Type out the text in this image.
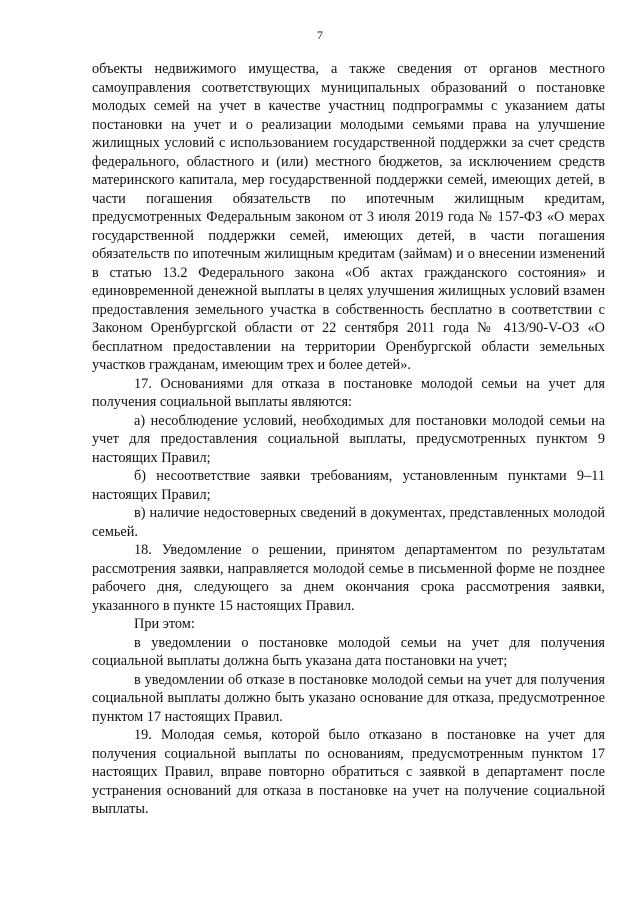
7

объекты недвижимого имущества, а также сведения от органов местного самоуправления соответствующих муниципальных образований о постановке молодых семей на учет в качестве участниц подпрограммы с указанием даты постановки на учет и о реализации молодыми семьями права на улучшение жилищных условий с использованием государственной поддержки за счет средств федерального, областного и (или) местного бюджетов, за исключением средств материнского капитала, мер государственной поддержки семей, имеющих детей, в части погашения обязательств по ипотечным жилищным кредитам, предусмотренных Федеральным законом от 3 июля 2019 года № 157-ФЗ «О мерах государственной поддержки семей, имеющих детей, в части погашения обязательств по ипотечным жилищным кредитам (займам) и о внесении изменений в статью 13.2 Федерального закона «Об актах гражданского состояния» и единовременной денежной выплаты в целях улучшения жилищных условий взамен предоставления земельного участка в собственность бесплатно в соответствии с Законом Оренбургской области от 22 сентября 2011 года № 413/90-V-ОЗ «О бесплатном предоставлении на территории Оренбургской области земельных участков гражданам, имеющим трех и более детей».

17. Основаниями для отказа в постановке молодой семьи на учет для получения социальной выплаты являются:

а) несоблюдение условий, необходимых для постановки молодой семьи на учет для предоставления социальной выплаты, предусмотренных пунктом 9 настоящих Правил;

б) несоответствие заявки требованиям, установленным пунктами 9–11 настоящих Правил;

в) наличие недостоверных сведений в документах, представленных молодой семьей.

18. Уведомление о решении, принятом департаментом по результатам рассмотрения заявки, направляется молодой семье в письменной форме не позднее рабочего дня, следующего за днем окончания срока рассмотрения заявки, указанного в пункте 15 настоящих Правил.

При этом:

в уведомлении о постановке молодой семьи на учет для получения социальной выплаты должна быть указана дата постановки на учет;

в уведомлении об отказе в постановке молодой семьи на учет для получения социальной выплаты должно быть указано основание для отказа, предусмотренное пунктом 17 настоящих Правил.

19. Молодая семья, которой было отказано в постановке на учет для получения социальной выплаты по основаниям, предусмотренным пунктом 17 настоящих Правил, вправе повторно обратиться с заявкой в департамент после устранения оснований для отказа в постановке на учет на получение социальной выплаты.
